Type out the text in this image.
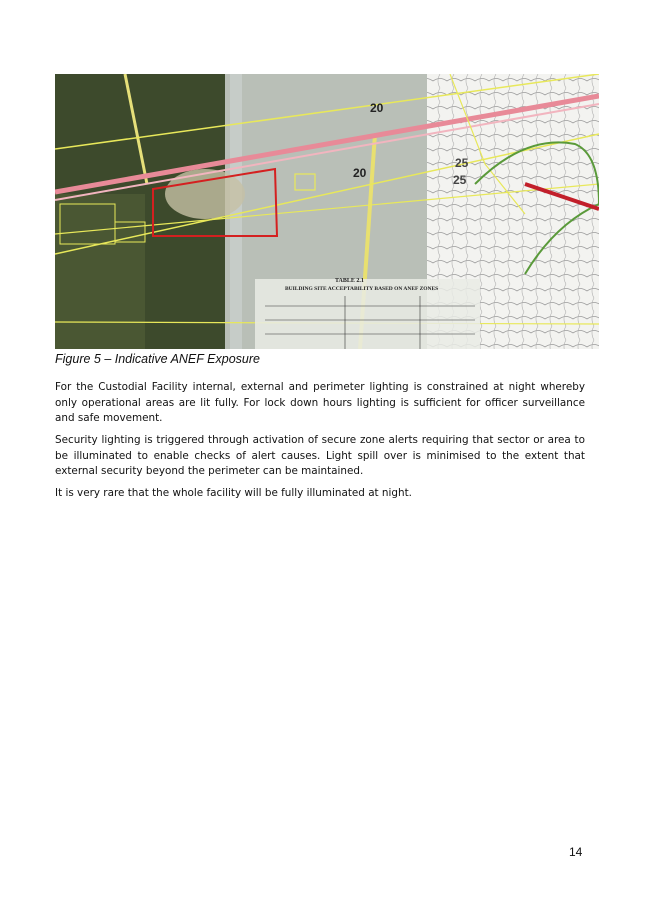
20
20
25
25
TABLE 2.1
BUILDING SITE ACCEPTABILITY BASED ON ANEF ZONES
Figure 5 – Indicative ANEF Exposure

For the Custodial Facility internal, external and perimeter lighting is constrained at night whereby only operational areas are lit fully. For lock down hours lighting is sufficient for officer surveillance and safe movement.

Security lighting is triggered through activation of secure zone alerts requiring that sector or area to be illuminated to enable checks of alert causes. Light spill over is minimised to the extent that external security beyond the perimeter can be maintained.

It is very rare that the whole facility will be fully illuminated at night.

14
